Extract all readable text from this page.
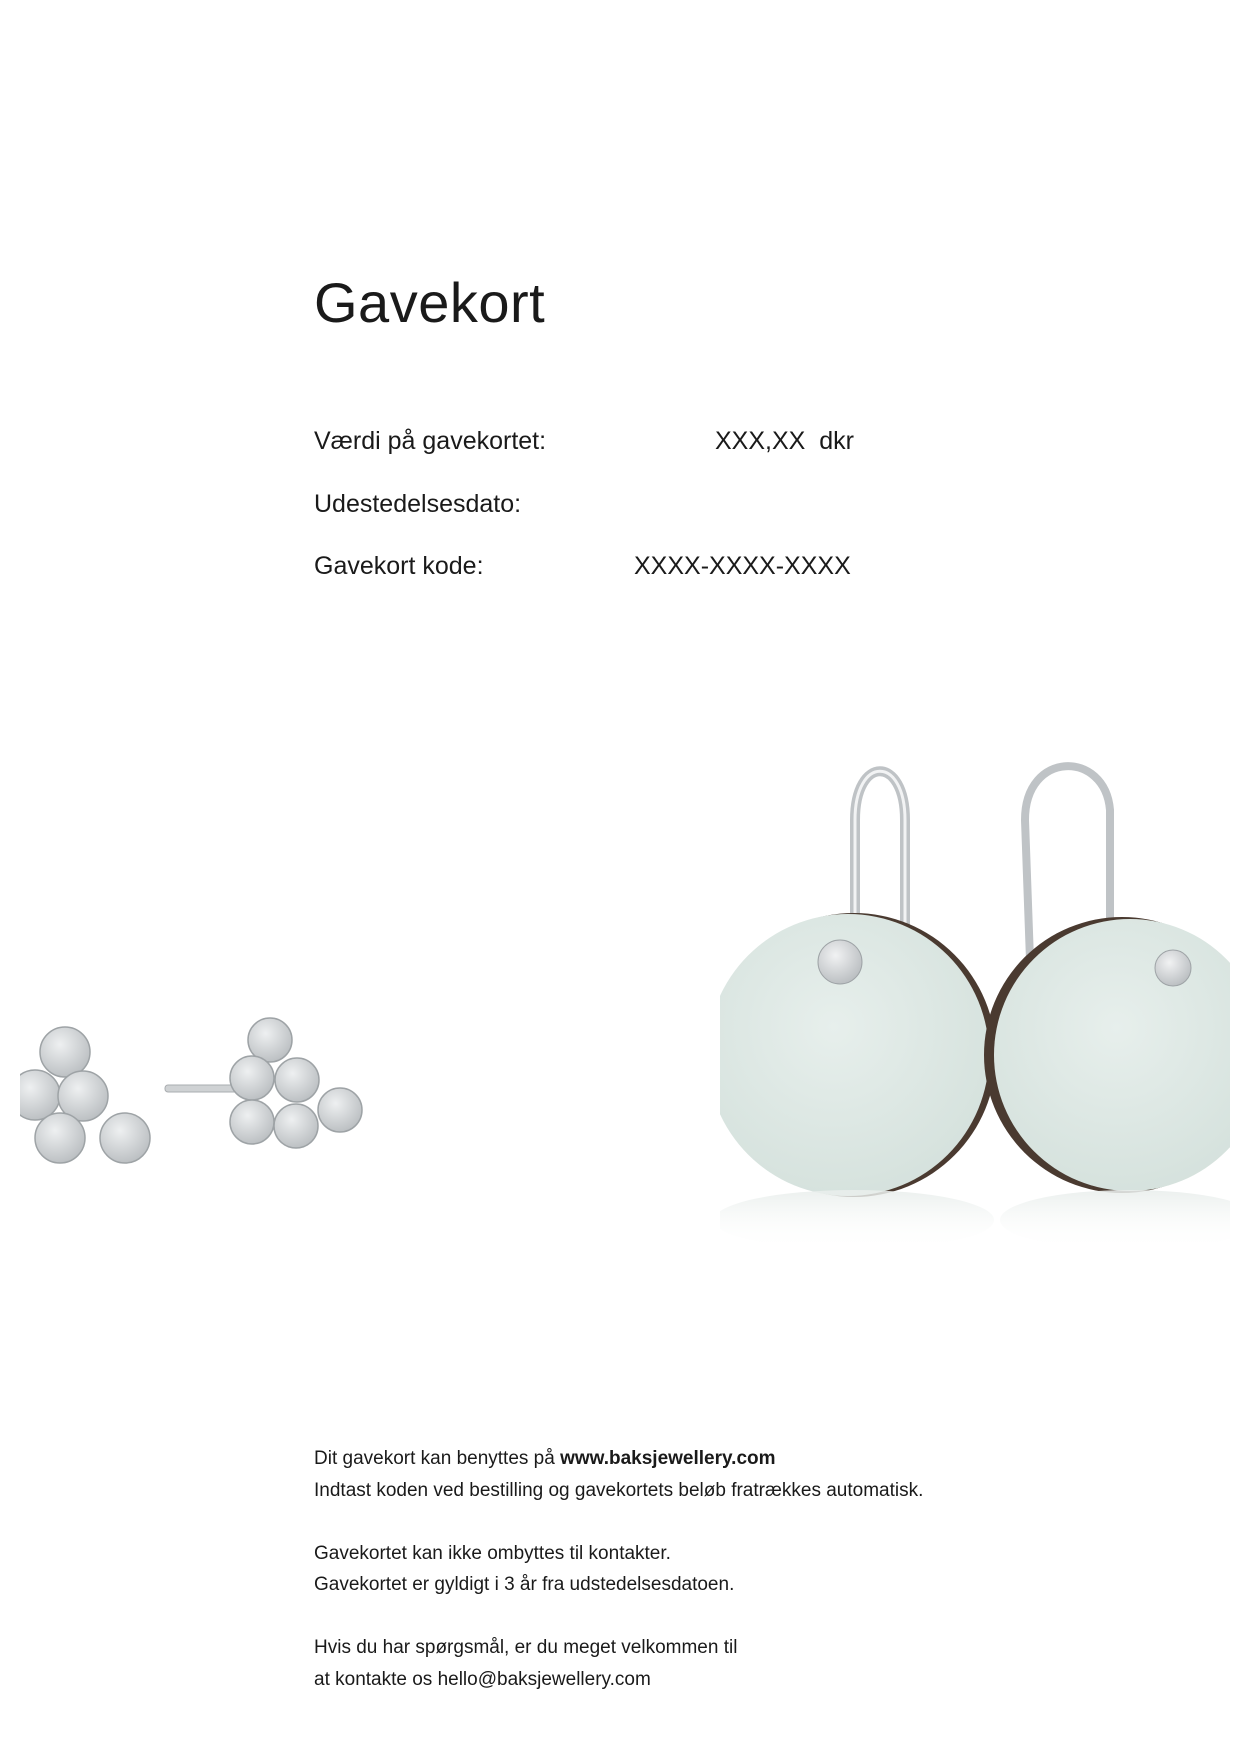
Gavekort
Værdi på gavekortet:	XXX,XX  dkr
Udestedelsesdato:
Gavekort kode:	XXXX-XXXX-XXXX

Dit gavekort kan benyttes på www.baksjewellery.com

Indtast koden ved bestilling og gavekortets beløb fratrækkes automatisk.

Gavekortet kan ikke ombyttes til kontakter.

Gavekortet er gyldigt i 3 år fra udstedelsesdatoen.

Hvis du har spørgsmål, er du meget velkommen til

at kontakte os hello@baksjewellery.com
